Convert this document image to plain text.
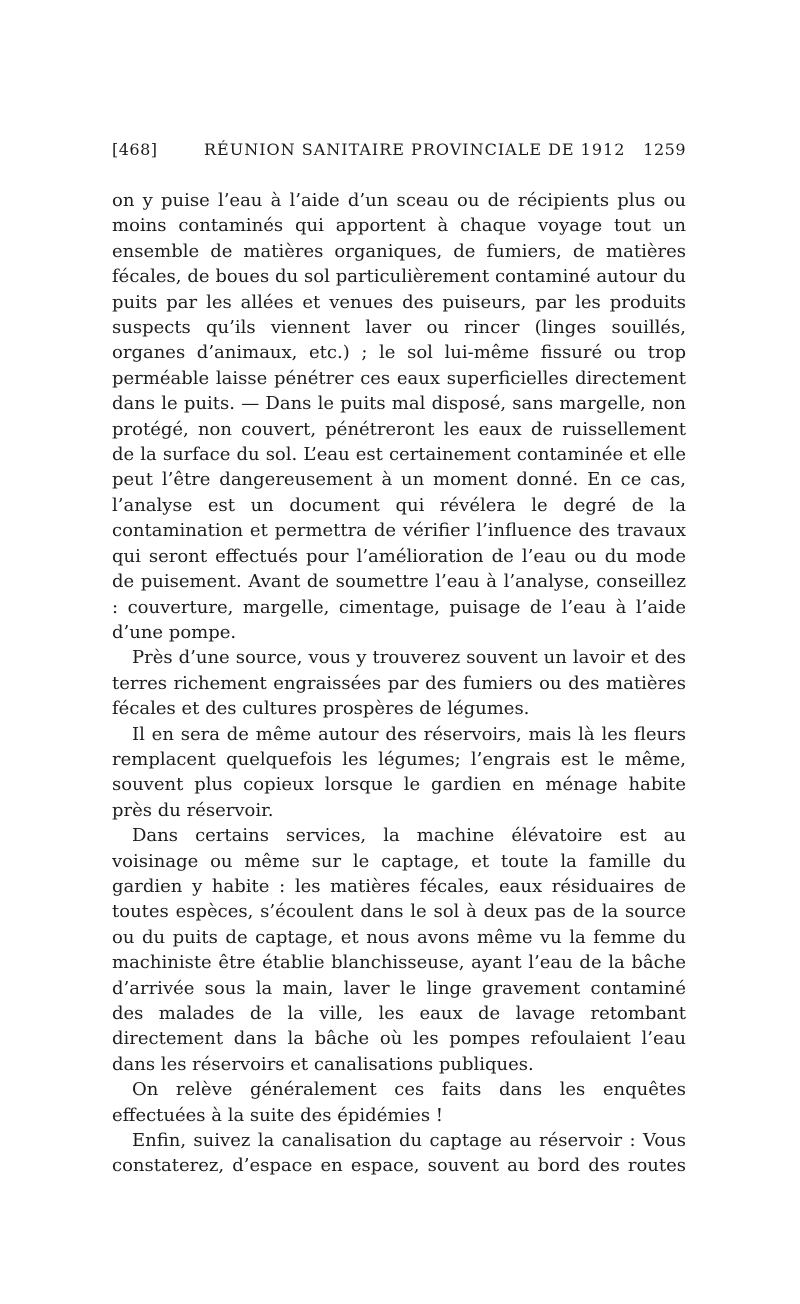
[468]	RÉUNION SANITAIRE PROVINCIALE DE 1912 1259

on y puise l’eau à l’aide d’un sceau ou de récipients plus ou moins contaminés qui apportent à chaque voyage tout un ensemble de matières organiques, de fumiers, de matières fécales, de boues du sol particulièrement contaminé autour du puits par les allées et venues des puiseurs, par les produits suspects qu’ils viennent laver ou rincer (linges souillés, organes d’animaux, etc.) ; le sol lui-même fissuré ou trop perméable laisse pénétrer ces eaux superficielles directement dans le puits. — Dans le puits mal disposé, sans margelle, non protégé, non couvert, pénétreront les eaux de ruissellement de la surface du sol. L’eau est certainement contaminée et elle peut l’être dangereusement à un moment donné. En ce cas, l’analyse est un document qui révélera le degré de la contamination et permettra de vérifier l’influence des travaux qui seront effectués pour l’amélioration de l’eau ou du mode de puisement. Avant de soumettre l’eau à l’analyse, conseillez : couverture, margelle, cimentage, puisage de l’eau à l’aide d’une pompe.

Près d’une source, vous y trouverez souvent un lavoir et des terres richement engraissées par des fumiers ou des matières fécales et des cultures prospères de légumes.

Il en sera de même autour des réservoirs, mais là les fleurs remplacent quelquefois les légumes; l’engrais est le même, souvent plus copieux lorsque le gardien en ménage habite près du réservoir.

Dans certains services, la machine élévatoire est au voisinage ou même sur le captage, et toute la famille du gardien y habite : les matières fécales, eaux résiduaires de toutes espèces, s’écoulent dans le sol à deux pas de la source ou du puits de captage, et nous avons même vu la femme du machiniste être établie blanchisseuse, ayant l’eau de la bâche d’arrivée sous la main, laver le linge gravement contaminé des malades de la ville, les eaux de lavage retombant directement dans la bâche où les pompes refoulaient l’eau dans les réservoirs et canalisations publiques.

On relève généralement ces faits dans les enquêtes effectuées à la suite des épidémies !

Enfin, suivez la canalisation du captage au réservoir : Vous constaterez, d’espace en espace, souvent au bord des routes
